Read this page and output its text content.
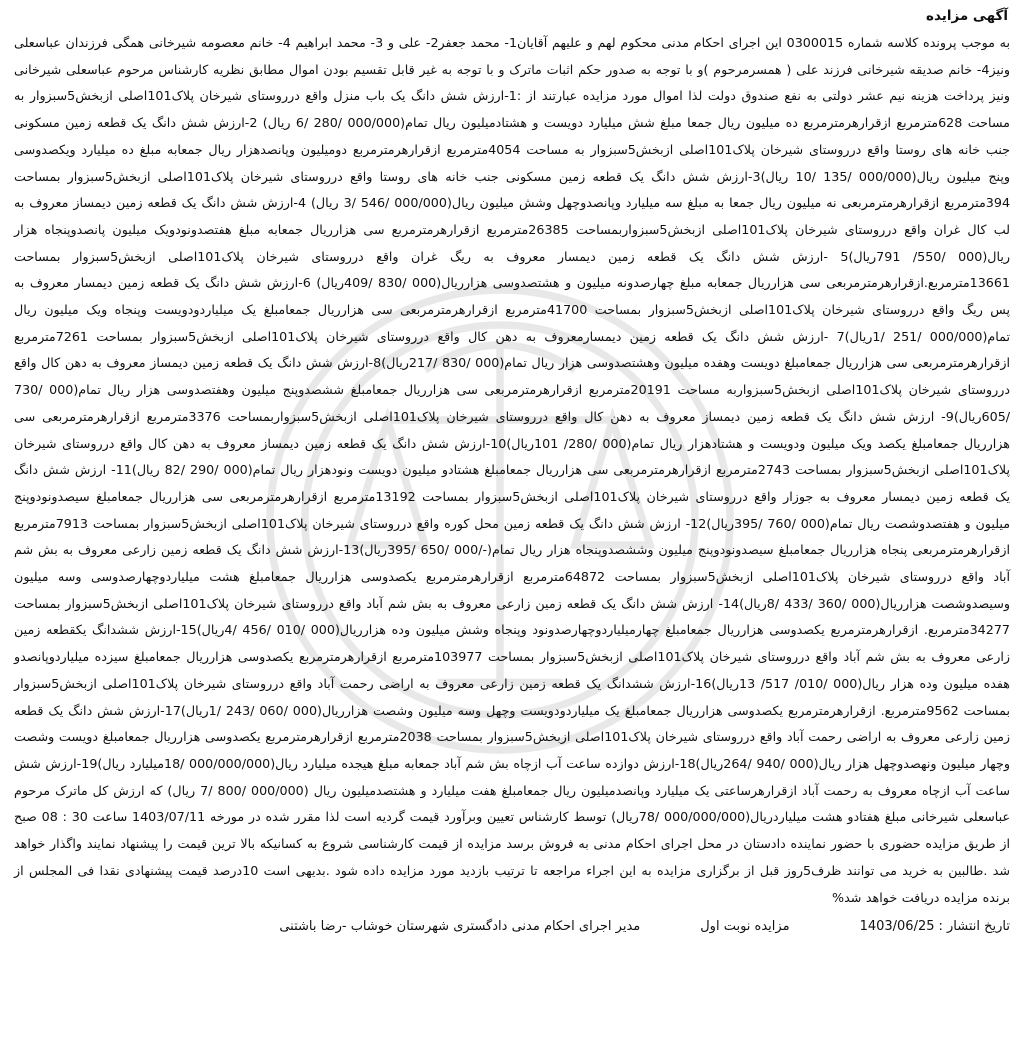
آگهی مزایده

به موجب پرونده کلاسه شماره 0300015 این اجرای احکام مدنی محکوم لهم و علیهم آقایان1- محمد جعفر2- علی و 3- محمد ابراهیم 4- خانم معصومه شیرخانی همگی فرزندان عباسعلی ونیز4- خانم صدیقه شیرخانی فرزند علی ( همسرمرحوم )و با توجه به صدور حکم اثبات ماترک و با توجه به غیر قابل تقسیم بودن اموال مطابق نظریه کارشناس مرحوم عباسعلی شیرخانی ونیز پرداخت هزینه نیم عشر دولتی به نفع صندوق دولت لذا اموال مورد مزایده عبارتند از :1-ارزش شش دانگ یک باب منزل واقع درروستای شیرخان پلاک101اصلی ازبخش5سبزوار به مساحت 628مترمربع ازقرارهرمترمربع ده میلیون ریال جمعا مبلغ شش میلیارد دویست و هشتادمیلیون ریال تمام(000/000 /280 /6 ریال) 2-ارزش شش دانگ یک قطعه زمین مسکونی جنب خانه های روستا واقع درروستای شیرخان پلاک101اصلی ازبخش5سبزوار به مساحت 4054مترمربع ازقرارهرمترمربع دومیلیون وپانصدهزار ریال جمعابه مبلغ ده میلیارد ویکصدوسی وپنج میلیون ریال(000/000 /135 /10 ریال)3-ارزش شش دانگ یک قطعه زمین مسکونی جنب خانه های روستا واقع درروستای شیرخان پلاک101اصلی ازبخش5سبزوار بمساحت 394مترمربع ازقرارهرمترمربعی نه میلیون ریال جمعا به مبلغ سه میلیارد وپانصدوچهل وشش میلیون ریال(000/000 /546 /3 ریال) 4-ارزش شش دانگ یک قطعه زمین دیمساز معروف به لب کال غران واقع درروستای شیرخان پلاک101اصلی ازبخش5سبزواربمساحت 26385مترمربع ازقرارهرمترمربع سی هزارریال جمعابه مبلغ هفتصدونودویک میلیون پانصدوپنجاه هزار ریال(000 /550/ 791ریال)5 -ارزش شش دانگ یک قطعه زمین دیمسار معروف به ریگ غران واقع درروستای شیرخان پلاک101اصلی ازبخش5سبزوار بمساحت 13661مترمربع.ازقرارهرمترمربعی سی هزارریال جمعابه مبلغ چهارصدونه میلیون و هشتصدوسی هزارریال(000 /830 /409ریال) 6-ارزش شش دانگ یک قطعه زمین دیمسار معروف به پس ریگ واقع درروستای شیرخان پلاک101اصلی ازبخش5سبزوار بمساحت 41700مترمربع ازقرارهرمترمربعی سی هزارریال جمعامبلغ یک میلیاردودویست وپنجاه ویک میلیون ریال تمام(000/000 /251 /1ریال)7 -ارزش شش دانگ یک قطعه زمین دیمسارمعروف به دهن کال واقع درروستای شیرخان پلاک101اصلی ازبخش5سبزوار بمساحت 7261مترمربع ازقرارهرمترمربعی سی هزارریال جمعامبلغ دویست وهفده میلیون وهشتصدوسی هزار ریال تمام(000 /830 /217ریال)8-ارزش شش دانگ یک قطعه زمین دیمساز معروف به دهن کال واقع درروستای شیرخان پلاک101اصلی ازبخش5سبزواربه مساحت 20191مترمربع ازقرارهرمترمربعی سی هزارریال جمعامبلغ ششصدوپنج میلیون وهفتصدوسی هزار ریال تمام(000 /730 /605ریال)9- ارزش شش دانگ یک قطعه زمین دیمساز معروف به دهن کال واقع درروستای شیرخان پلاک101اصلی ازبخش5سبزواربمساحت 3376مترمربع ازقرارهرمترمربعی سی هزارریال جمعامبلغ یکصد ویک میلیون ودویست و هشتادهزار ریال تمام(000 /280/ 101ریال)10-ارزش شش دانگ یک قطعه زمین دیمساز معروف به دهن کال واقع درروستای شیرخان پلاک101اصلی ازبخش5سبزوار بمساحت 2743مترمربع ازقرارهرمترمربعی سی هزارریال جمعامبلغ هشتادو میلیون دویست ونودهزار ریال تمام(000 /290 /82 ریال)11- ارزش شش دانگ یک قطعه زمین دیمسار معروف به جوزار واقع درروستای شیرخان پلاک101اصلی ازبخش5سبزوار بمساحت 13192مترمربع ازقرارهرمترمربعی سی هزارریال جمعامبلغ سیصدونودوپنج میلیون و هفتصدوشصت ریال تمام(000 /760 /395ریال)12- ارزش شش دانگ یک قطعه زمین محل کوره واقع درروستای شیرخان پلاک101اصلی ازبخش5سبزوار بمساحت 7913مترمربع ازقرارهرمترمربعی پنجاه هزارریال جمعامبلغ سیصدونودوپنج میلیون وششصدوپنجاه هزار ریال تمام(-/000 /650 /395ریال)13-ارزش شش دانگ یک قطعه زمین زارعی معروف به بش شم آباد واقع درروستای شیرخان پلاک101اصلی ازبخش5سبزوار بمساحت 64872مترمربع ازقرارهرمترمربع یکصدوسی هزارریال جمعامبلغ هشت میلیاردوچهارصدوسی وسه میلیون وسیصدوشصت هزارریال(000 /360 /433 /8ریال)14- ارزش شش دانگ یک قطعه زمین زارعی معروف به بش شم آباد واقع درروستای شیرخان پلاک101اصلی ازبخش5سبزوار بمساحت 34277مترمربع. ازقرارهرمترمربع یکصدوسی هزارریال جمعامبلغ چهارمیلیاردوچهارصدونود وپنجاه وشش میلیون وده هزارریال(000 /010 /456 /4ریال)15-ارزش ششدانگ یکقطعه زمین زارعی معروف به بش شم آباد واقع درروستای شیرخان پلاک101اصلی ازبخش5سبزوار بمساحت 103977مترمربع ازقرارهرمترمربع یکصدوسی هزارریال جمعامبلغ سیزده میلیاردوپانصدو هفده میلیون وده هزار ریال(000 /010/ 517/ 13ریال)16-ارزش ششدانگ یک قطعه زمین زارعی معروف به اراضی رحمت آباد واقع درروستای شیرخان پلاک101اصلی ازبخش5سبزوار بمساحت 9562مترمربع. ازقرارهرمترمربع یکصدوسی هزارریال جمعامبلغ یک میلیاردودویست وچهل وسه میلیون وشصت هزارریال(000 /060 /243 /1ریال)17-ارزش شش دانگ یک قطعه زمین زارعی معروف به اراضی رحمت آباد واقع درروستای شیرخان پلاک101اصلی ازبخش5سبزوار بمساحت 2038مترمربع ازقرارهرمترمربع یکصدوسی هزارریال جمعامبلغ دویست وشصت وچهار میلیون ونهصدوچهل هزار ریال(000 /940 /264ریال)18-ارزش دوازده ساعت آب ازچاه بش شم آباد جمعابه مبلغ هیجده میلیارد ریال(000/000/000 /18میلیارد ریال)19-ارزش شش ساعت آب ازچاه معروف به رحمت آباد ازقرارهرساعتی یک میلیارد وپانصدمیلیون ریال جمعامبلغ هفت میلیارد و هشتصدمیلیون ریال (000/000 /800 /7 ریال) که ارزش کل ماترک مرحوم عباسعلی شیرخانی مبلغ هفتادو هشت میلیاردریال(000/000/000 /78ریال) توسط کارشناس تعیین وبرآورد قیمت گردیه است لذا مقرر شده در مورخه 1403/07/11 ساعت 30 : 08 صبح از طریق مزایده حضوری با حضور نماینده دادستان در محل اجرای احکام مدنی به فروش برسد مزایده از قیمت کارشناسی شروع به کسانیکه بالا ترین قیمت را پیشنهاد نمایند واگذار خواهد شد .طالبین به خرید می توانند ظرف5روز قبل از برگزاری مزایده به این اجراء مراجعه تا ترتیب بازدید مورد مزایده داده شود .بدیهی است 10درصد قیمت پیشنهادی نقدا فی المجلس از برنده مزایده دریافت خواهد شد%

تاریخ انتشار :
1403/06/25
مزایده نوبت اول
مدیر اجرای احکام مدنی دادگستری شهرستان خوشاب -رضا باشتنی
